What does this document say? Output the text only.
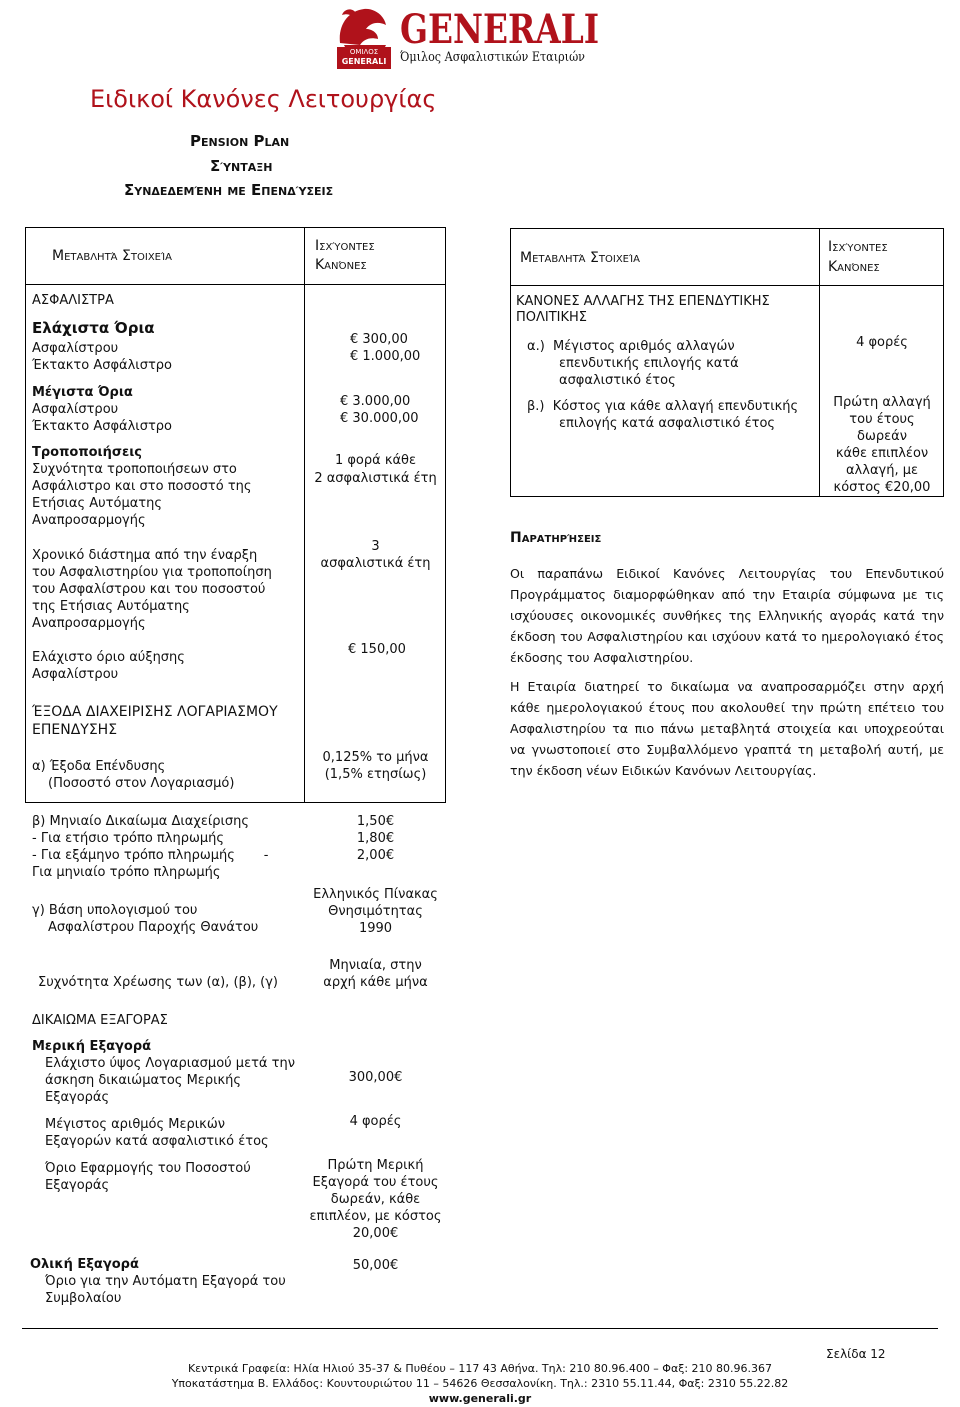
ΟΜΙΛΟΣ
GENERALI
GENERALI
Όμιλος Ασφαλιστικών Εταιριών
Ειδικοί Κανόνες Λειτουργίας
Pension Plan
Σύνταξη
Συνδεδεμένη με Επενδύσεις
Μεταβλητά Στοιχεία
Ισχύοντες
Κανόνες
ΑΣΦΑΛΙΣΤΡΑ
Ελάχιστα Όρια
Ασφαλίστρου
Έκτακτο Ασφάλιστρο
€ 300,00
€ 1.000,00
Μέγιστα Όρια
Ασφαλίστρου
Έκτακτο Ασφάλιστρο
€ 3.000,00
€ 30.000,00
Τροποποιήσεις
Συχνότητα τροποποιήσεων στο
Ασφάλιστρο και στο ποσοστό της
Ετήσιας Αυτόματης
Αναπροσαρμογής
1 φορά κάθε
2 ασφαλιστικά έτη
Χρονικό διάστημα από την έναρξη
του Ασφαλιστηρίου για τροποποίηση
του Ασφαλίστρου και του ποσοστού
της Ετήσιας Αυτόματης
Αναπροσαρμογής
3
ασφαλιστικά έτη
Ελάχιστο όριο αύξησης
Ασφαλίστρου
€ 150,00
ΈΞΟΔΑ ΔΙΑΧΕΙΡΙΣΗΣ ΛΟΓΑΡΙΑΣΜΟΥ
ΕΠΕΝΔΥΣΗΣ
α) Έξοδα Επένδυσης
(Ποσοστό στον Λογαριασμό)
0,125% το μήνα
(1,5% ετησίως)
β) Μηνιαίο Δικαίωμα Διαχείρισης
- Για ετήσιο τρόπο πληρωμής
- Για εξάμηνο τρόπο πληρωμής       -
Για μηνιαίο τρόπο πληρωμής
1,50€
1,80€
2,00€
γ) Βάση υπολογισμού του
Ασφαλίστρου Παροχής Θανάτου
Ελληνικός Πίνακας
Θνησιμότητας
1990
Συχνότητα Χρέωσης των (α), (β), (γ)
Μηνιαία, στην
αρχή κάθε μήνα
ΔΙΚΑΙΩΜΑ ΕΞΑΓΟΡΑΣ
Μερική Εξαγορά
Ελάχιστο ύψος Λογαριασμού μετά την
άσκηση δικαιώματος Μερικής
Εξαγοράς
300,00€
Μέγιστος αριθμός Μερικών
Εξαγορών κατά ασφαλιστικό έτος
4 φορές
Όριο Εφαρμογής του Ποσοστού
Εξαγοράς
Πρώτη Μερική
Εξαγορά του έτους
δωρεάν, κάθε
επιπλέον, με κόστος
20,00€
Ολική Εξαγορά
Όριο για την Αυτόματη Εξαγορά του
Συμβολαίου
50,00€
Μεταβλητά Στοιχεία
Ισχύοντες
Κανόνες
ΚΑΝΟΝΕΣ ΑΛΛΑΓΗΣ ΤΗΣ ΕΠΕΝΔΥΤΙΚΗΣ
ΠΟΛΙΤΙΚΗΣ
α.)  Μέγιστος αριθμός αλλαγών
επενδυτικής επιλογής κατά
ασφαλιστικό έτος
4 φορές
β.)  Κόστος για κάθε αλλαγή επενδυτικής
επιλογής κατά ασφαλιστικό έτος
Πρώτη αλλαγή
του έτους
δωρεάν
κάθε επιπλέον
αλλαγή, με
κόστος €20,00
Παρατηρήσεις
Οι παραπάνω Ειδικοί Κανόνες Λειτουργίας του Επενδυτικού Προγράμματος διαμορφώθηκαν από την Εταιρία σύμφωνα με τις ισχύουσες οικονομικές συνθήκες της Ελληνικής αγοράς κατά την έκδοση του Ασφαλιστηρίου και ισχύουν κατά το ημερολογιακό έτος έκδοσης του Ασφαλιστηρίου.
Η Εταιρία διατηρεί το δικαίωμα να αναπροσαρμόζει στην αρχή κάθε ημερολογιακού έτους που ακολουθεί την πρώτη επέτειο του Ασφαλιστηρίου τα πιο πάνω μεταβλητά στοιχεία και υποχρεούται να γνωστοποιεί στο Συμβαλλόμενο γραπτά τη μεταβολή αυτή, με την έκδοση νέων Ειδικών Κανόνων Λειτουργίας.
Σελίδα 12
Κεντρικά Γραφεία: Ηλία Ηλιού 35-37 & Πυθέου – 117 43 Αθήνα. Τηλ: 210 80.96.400 – Φαξ: 210 80.96.367
Υποκατάστημα Β. Ελλάδος: Κουντουριώτου 11 – 54626 Θεσσαλονίκη. Τηλ.: 2310 55.11.44, Φαξ: 2310 55.22.82
www.generali.gr
